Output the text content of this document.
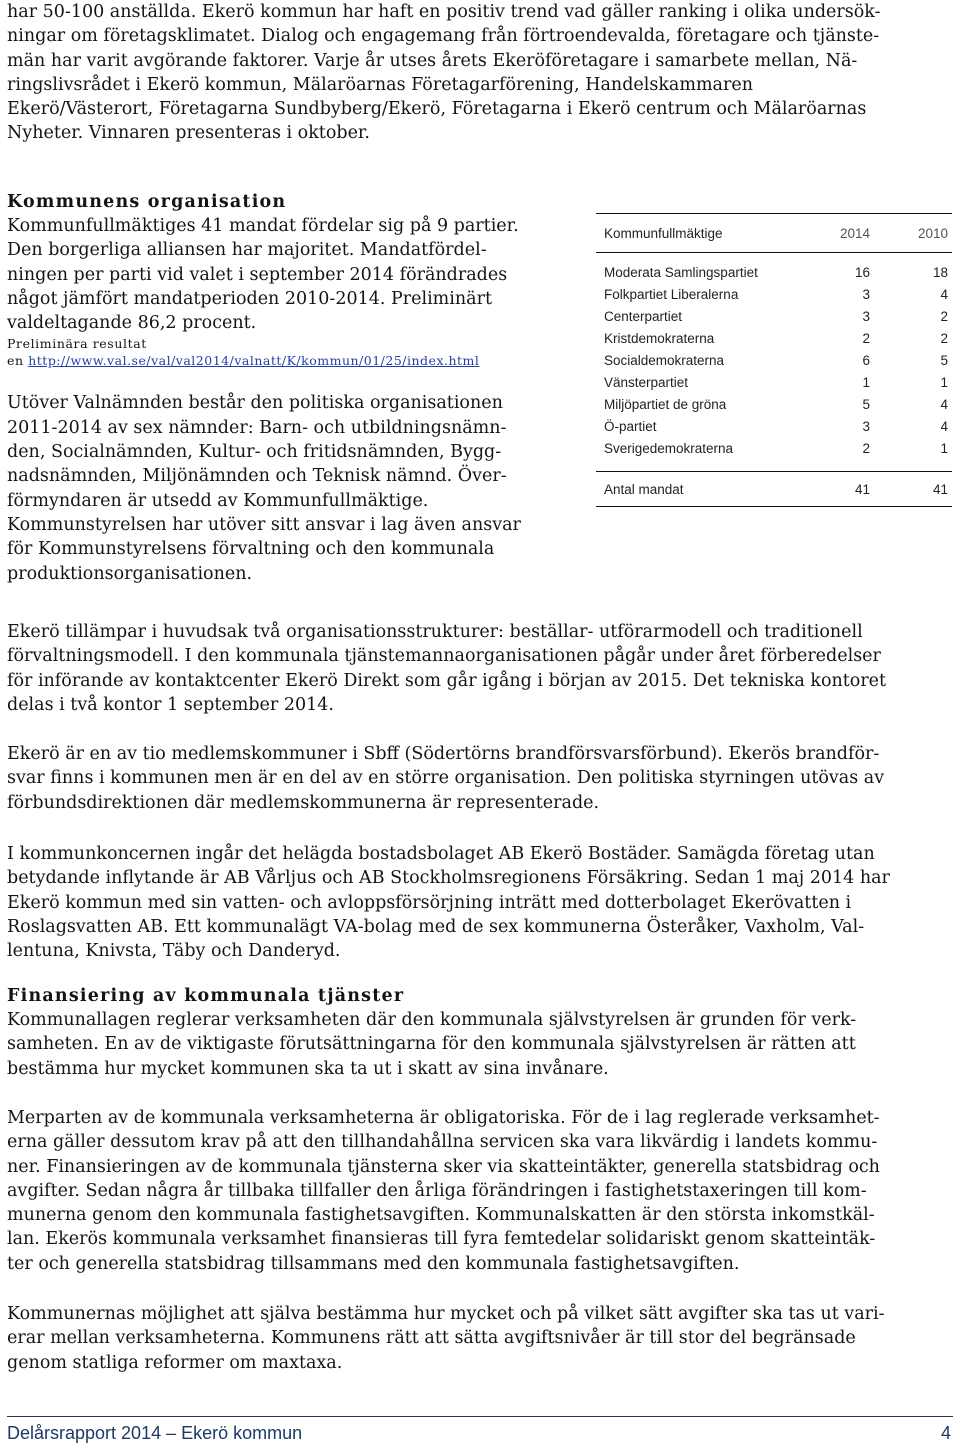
har 50-100 anställda. Ekerö kommun har haft en positiv trend vad gäller ranking i olika undersök-

ningar om företagsklimatet. Dialog och engagemang från förtroendevalda, företagare och tjänste-

män har varit avgörande faktorer. Varje år utses årets Ekeröföretagare i samarbete mellan, Nä-

ringslivsrådet i Ekerö kommun, Mälaröarnas Företagarförening, Handelskammaren

Ekerö/Västerort, Företagarna Sundbyberg/Ekerö, Företagarna i Ekerö centrum och Mälaröarnas

Nyheter. Vinnaren presenteras i oktober.

Kommunens organisation

Kommunfullmäktiges 41 mandat fördelar sig på 9 partier.

Den borgerliga alliansen har majoritet. Mandatfördel-

ningen per parti vid valet i september 2014 förändrades

något jämfört mandatperioden 2010-2014. Preliminärt

valdeltagande 86,2 procent.

Preliminära resultat
en http://www.val.se/val/val2014/valnatt/K/kommun/01/25/index.html

Utöver Valnämnden består den politiska organisationen

2011-2014 av sex nämnder: Barn- och utbildningsnämn-

den, Socialnämnden, Kultur- och fritidsnämnden, Bygg-

nadsnämnden, Miljönämnden och Teknisk nämnd. Över-

förmyndaren är utsedd av Kommunfullmäktige.

Kommunstyrelsen har utöver sitt ansvar i lag även ansvar

för Kommunstyrelsens förvaltning och den kommunala

produktionsorganisationen.

Kommunfullmäktige	2014	2010
Moderata Samlingspartiet	16	18
Folkpartiet Liberalerna	3	4
Centerpartiet	3	2
Kristdemokraterna	2	2
Socialdemokraterna	6	5
Vänsterpartiet	1	1
Miljöpartiet de gröna	5	4
Ö-partiet	3	4
Sverigedemokraterna	2	1
Antal mandat	41	41

Ekerö tillämpar i huvudsak två organisationsstrukturer: beställar- utförarmodell och traditionell

förvaltningsmodell. I den kommunala tjänstemannaorganisationen pågår under året förberedelser

för införande av kontaktcenter Ekerö Direkt som går igång i början av 2015. Det tekniska kontoret

delas i två kontor 1 september 2014.

Ekerö är en av tio medlemskommuner i Sbff (Södertörns brandförsvarsförbund). Ekerös brandför-

svar finns i kommunen men är en del av en större organisation. Den politiska styrningen utövas av

förbundsdirektionen där medlemskommunerna är representerade.

I kommunkoncernen ingår det helägda bostadsbolaget AB Ekerö Bostäder. Samägda företag utan

betydande inflytande är AB Vårljus och AB Stockholmsregionens Försäkring. Sedan 1 maj 2014 har

Ekerö kommun med sin vatten- och avloppsförsörjning inträtt med dotterbolaget Ekerövatten i

Roslagsvatten AB. Ett kommunalägt VA-bolag med de sex kommunerna Österåker, Vaxholm, Val-

lentuna, Knivsta, Täby och Danderyd.

Finansiering av kommunala tjänster

Kommunallagen reglerar verksamheten där den kommunala självstyrelsen är grunden för verk-

samheten. En av de viktigaste förutsättningarna för den kommunala självstyrelsen är rätten att

bestämma hur mycket kommunen ska ta ut i skatt av sina invånare.

Merparten av de kommunala verksamheterna är obligatoriska. För de i lag reglerade verksamhet-

erna gäller dessutom krav på att den tillhandahållna servicen ska vara likvärdig i landets kommu-

ner. Finansieringen av de kommunala tjänsterna sker via skatteintäkter, generella statsbidrag och

avgifter. Sedan några år tillbaka tillfaller den årliga förändringen i fastighetstaxeringen till kom-

munerna genom den kommunala fastighetsavgiften. Kommunalskatten är den största inkomstkäl-

lan. Ekerös kommunala verksamhet finansieras till fyra femtedelar solidariskt genom skatteintäk-

ter och generella statsbidrag tillsammans med den kommunala fastighetsavgiften.

Kommunernas möjlighet att själva bestämma hur mycket och på vilket sätt avgifter ska tas ut vari-

erar mellan verksamheterna. Kommunens rätt att sätta avgiftsnivåer är till stor del begränsade

genom statliga reformer om maxtaxa.

Delårsrapport 2014 – Ekerö kommun	4
